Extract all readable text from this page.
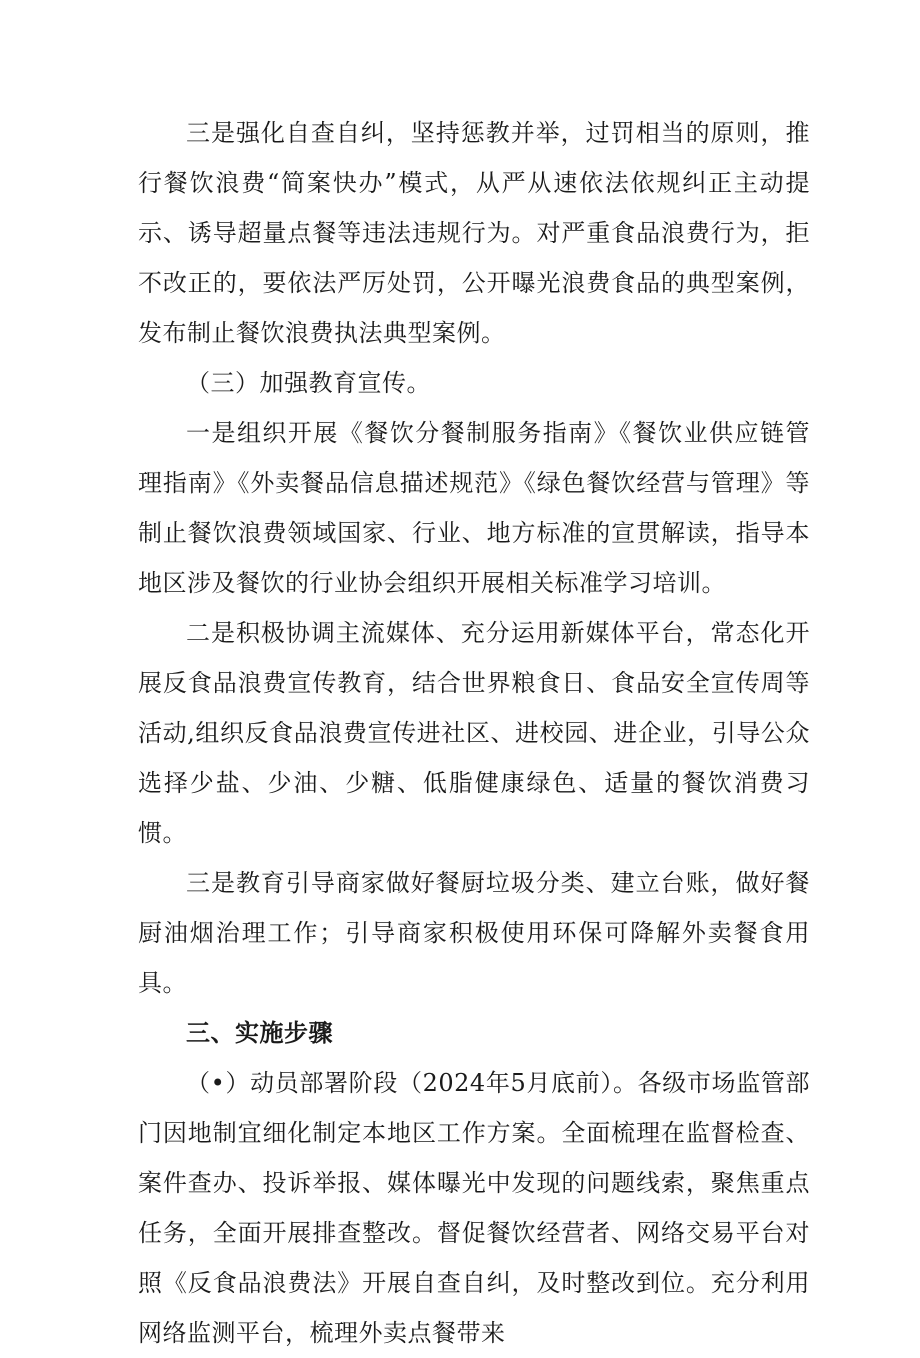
三是强化自查自纠，坚持惩教并举，过罚相当的原则，推行餐饮浪费“简案快办”模式，从严从速依法依规纠正主动提示、诱导超量点餐等违法违规行为。对严重食品浪费行为，拒不改正的，要依法严厉处罚，公开曝光浪费食品的典型案例，发布制止餐饮浪费执法典型案例。

（三）加强教育宣传。

一是组织开展《餐饮分餐制服务指南》《餐饮业供应链管理指南》《外卖餐品信息描述规范》《绿色餐饮经营与管理》等制止餐饮浪费领域国家、行业、地方标准的宣贯解读，指导本地区涉及餐饮的行业协会组织开展相关标准学习培训。

二是积极协调主流媒体、充分运用新媒体平台，常态化开展反食品浪费宣传教育，结合世界粮食日、食品安全宣传周等活动,组织反食品浪费宣传进社区、进校园、进企业，引导公众选择少盐、少油、少糖、低脂健康绿色、适量的餐饮消费习惯。

三是教育引导商家做好餐厨垃圾分类、建立台账，做好餐厨油烟治理工作；引导商家积极使用环保可降解外卖餐食用具。

三、实施步骤

（•）动员部署阶段（2024年5月底前）。各级市场监管部门因地制宜细化制定本地区工作方案。全面梳理在监督检查、案件查办、投诉举报、媒体曝光中发现的问题线索，聚焦重点任务，全面开展排查整改。督促餐饮经营者、网络交易平台对照《反食品浪费法》开展自查自纠，及时整改到位。充分利用网络监测平台，梳理外卖点餐带来
